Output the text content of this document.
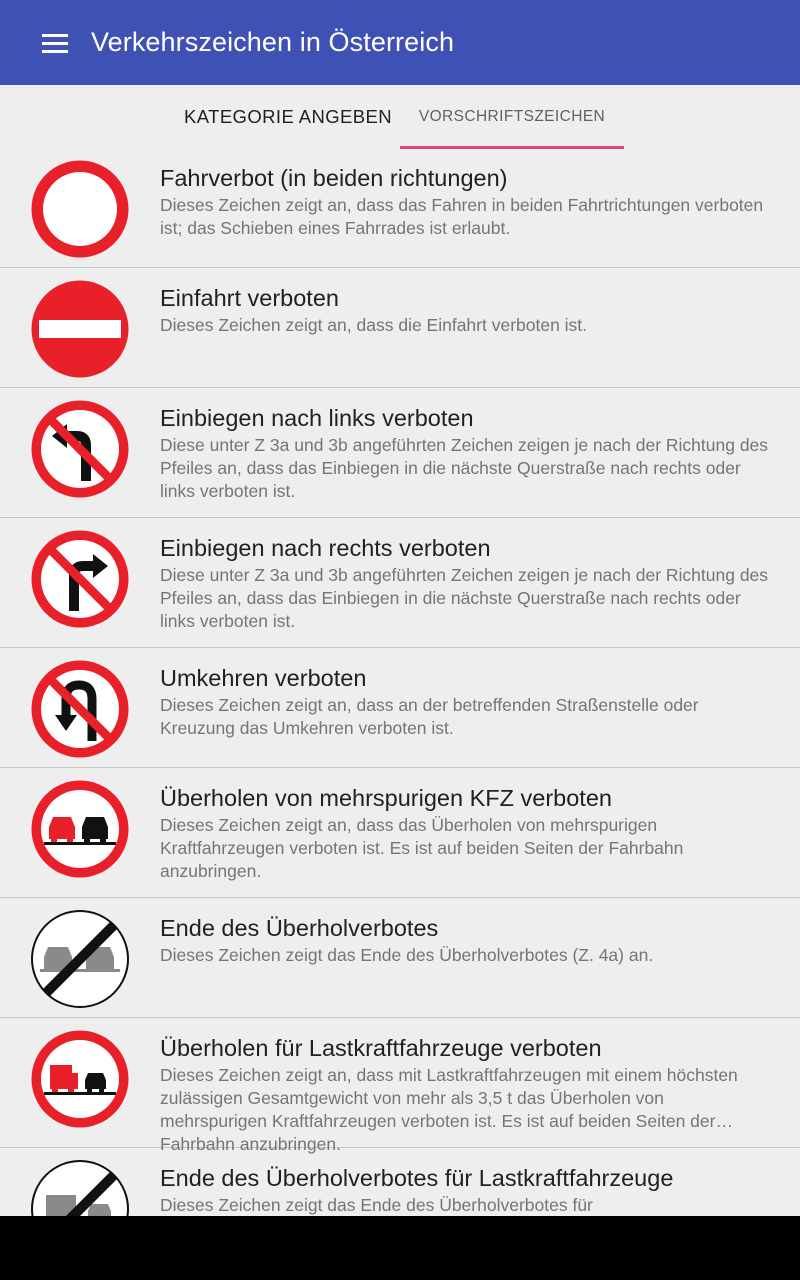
Verkehrszeichen in Österreich
KATEGORIE ANGEBEN	VORSCHRIFTSZEICHEN
Fahrverbot (in beiden richtungen)
Dieses Zeichen zeigt an, dass das Fahren in beiden Fahrtrichtungen verboten ist; das Schieben eines Fahrrades ist erlaubt.
Einfahrt verboten
Dieses Zeichen zeigt an, dass die Einfahrt verboten ist.
Einbiegen nach links verboten
Diese unter Z 3a und 3b angeführten Zeichen zeigen je nach der Richtung des Pfeiles an, dass das Einbiegen in die nächste Querstraße nach rechts oder links verboten ist.
Einbiegen nach rechts verboten
Diese unter Z 3a und 3b angeführten Zeichen zeigen je nach der Richtung des Pfeiles an, dass das Einbiegen in die nächste Querstraße nach rechts oder links verboten ist.
Umkehren verboten
Dieses Zeichen zeigt an, dass an der betreffenden Straßenstelle oder Kreuzung das Umkehren verboten ist.
Überholen von mehrspurigen KFZ verboten
Dieses Zeichen zeigt an, dass das Überholen von mehrspurigen Kraftfahrzeugen verboten ist. Es ist auf beiden Seiten der Fahrbahn anzubringen.
Ende des Überholverbotes
Dieses Zeichen zeigt das Ende des Überholverbotes (Z. 4a) an.
Überholen für Lastkraftfahrzeuge verboten
Dieses Zeichen zeigt an, dass mit Lastkraftfahrzeugen mit einem höchsten zulässigen Gesamtgewicht von mehr als 3,5 t das Überholen von mehrspurigen Kraftfahrzeugen verboten ist. Es ist auf beiden Seiten der Fahrbahn anzubringen.
Ende des Überholverbotes für Lastkraftfahrzeuge
Dieses Zeichen zeigt das Ende des Überholverbotes für
